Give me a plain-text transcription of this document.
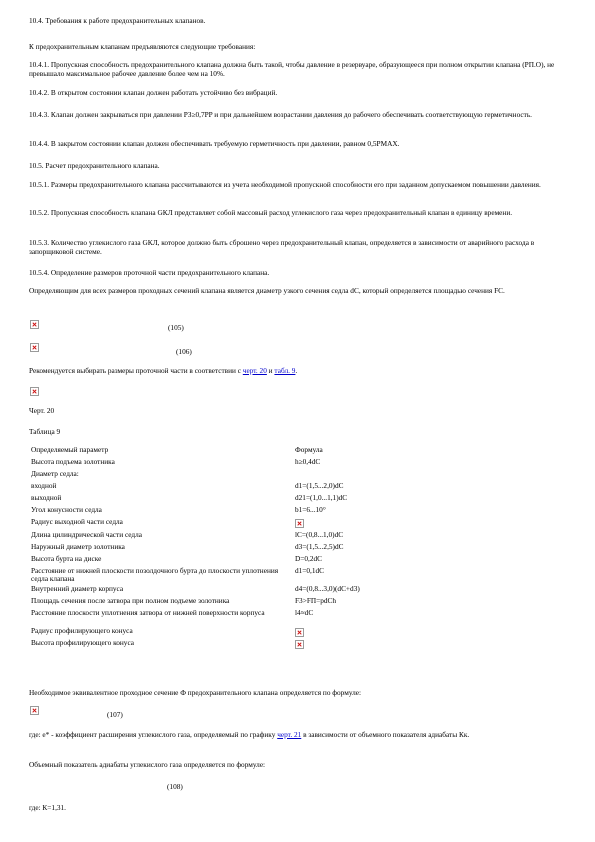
10.4. Требования к работе предохранительных клапанов.

К предохранительным клапанам предъявляются следующие требования:

10.4.1. Пропускная способность предохранительного клапана должна быть такой, чтобы давление в резервуаре, образующееся при полном открытии клапана (PП.О), не превышало максимальное рабочее давление более чем на 10%.

10.4.2. В открытом состоянии клапан должен работать устойчиво без вибраций.

10.4.3. Клапан должен закрываться при давлении PЗ≥0,7PP и при дальнейшем возрастании давления до рабочего обеспечивать соответствующую герметичность.

10.4.4. В закрытом состоянии клапан должен обеспечивать требуемую герметичность при давлении, равном 0,5PMAX.

10.5. Расчет предохранительного клапана.

10.5.1. Размеры предохранительного клапана рассчитываются из учета необходимой пропускной способности его при заданном допускаемом повышении давления.

10.5.2. Пропускная способность клапана GКЛ представляет собой массовый расход углекислого газа через предохранительный клапан в единицу времени.

10.5.3. Количество углекислого газа GКЛ, которое должно быть сброшено через предохранительный клапан, определяется в зависимости от аварийного расхода в запорщиковой системе.

10.5.4. Определение размеров проточной части предохранительного клапана.

Определяющим для всех размеров проходных сечений клапана является диаметр узкого сечения седла dC, который определяется площадью сечения FC.

(105)
(106)

Рекомендуется выбирать размеры проточной части в соответствии с черт. 20 и табл. 9.

Черт. 20

Таблица 9

Определяемый параметр	Формула
Высота подъема золотника	h≥0,4dC
Диаметр седла:	
входной	d1=(1,5...2,0)dC
выходной	d21=(1,0...1,1)dC
Угол конусности седла	b1=6...10°
Радиус выходной части седла	

Длина цилиндрической части седла	lC=(0,8...1,0)dC
Наружный диаметр золотника	d3=(1,5...2,5)dC
Высота бурта на диске	D=0,2dC
Расстояние от нижней плоскости позолдочного бурта до плоскости уплотнения седла клапана	d1=0,1dC
Внутренний диаметр корпуса	d4=(0,8...3,0)(dC+d3)
Площадь сечения после затвора при полном подъеме золотника	F3>FП=pdCh
Расстояние плоскости уплотнения затвора от нижней поверхности корпуса	l4≈dC
Радиус профилирующего конуса	

Высота профилирующего конуса	

Необходимое эквивалентное проходное сечение Ф предохранительного клапана определяется по формуле:

(107)

где: e* - коэффициент расширения углекислого газа, определяемый по графику черт. 21 в зависимости от объемного показателя адиабаты Кк.

Объемный показатель адиабаты углекислого газа определяется по формуле:

(108)

где: К=1,31.
